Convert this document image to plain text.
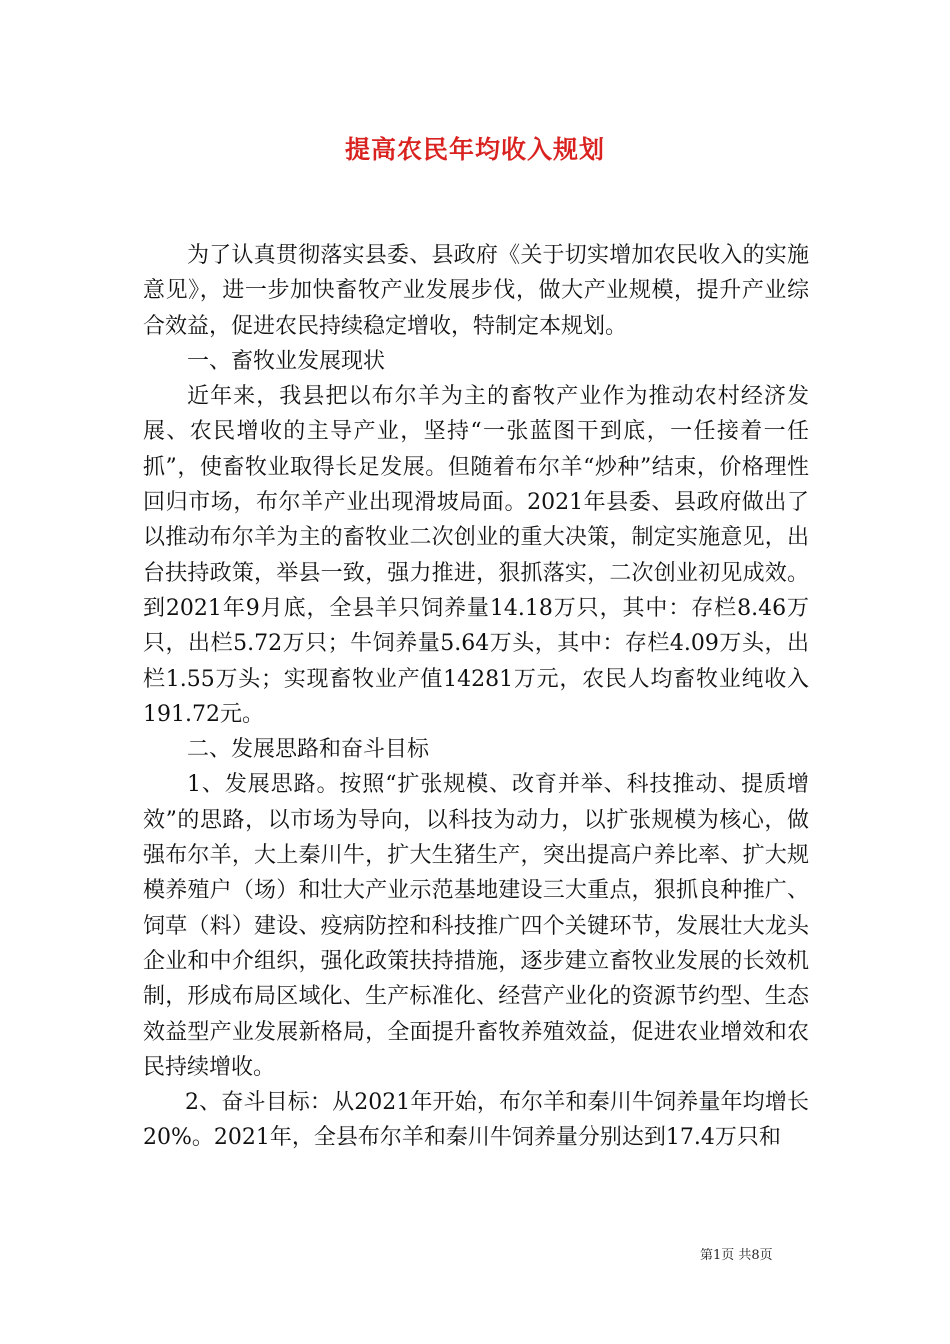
提高农民年均收入规划

为了认真贯彻落实县委、县政府《关于切实增加农民收入的实施意见》，进一步加快畜牧产业发展步伐，做大产业规模，提升产业综合效益，促进农民持续稳定增收，特制定本规划。

一、畜牧业发展现状

近年来，我县把以布尔羊为主的畜牧产业作为推动农村经济发展、农民增收的主导产业，坚持“一张蓝图干到底，一任接着一任抓”，使畜牧业取得长足发展。但随着布尔羊“炒种”结束，价格理性回归市场，布尔羊产业出现滑坡局面。2021年县委、县政府做出了以推动布尔羊为主的畜牧业二次创业的重大决策，制定实施意见，出台扶持政策，举县一致，强力推进，狠抓落实，二次创业初见成效。到2021年9月底，全县羊只饲养量14.18万只，其中：存栏8.46万只，出栏5.72万只；牛饲养量5.64万头，其中：存栏4.09万头，出栏1.55万头；实现畜牧业产值14281万元，农民人均畜牧业纯收入191.72元。

二、发展思路和奋斗目标

1、发展思路。按照“扩张规模、改育并举、科技推动、提质增效”的思路，以市场为导向，以科技为动力，以扩张规模为核心，做强布尔羊，大上秦川牛，扩大生猪生产，突出提高户养比率、扩大规模养殖户（场）和壮大产业示范基地建设三大重点，狠抓良种推广、饲草（料）建设、疫病防控和科技推广四个关键环节，发展壮大龙头企业和中介组织，强化政策扶持措施，逐步建立畜牧业发展的长效机制，形成布局区域化、生产标准化、经营产业化的资源节约型、生态效益型产业发展新格局，全面提升畜牧养殖效益，促进农业增效和农民持续增收。

2、奋斗目标：从2021年开始，布尔羊和秦川牛饲养量年均增长20%。2021年，全县布尔羊和秦川牛饲养量分别达到17.4万只和

第1页 共8页
